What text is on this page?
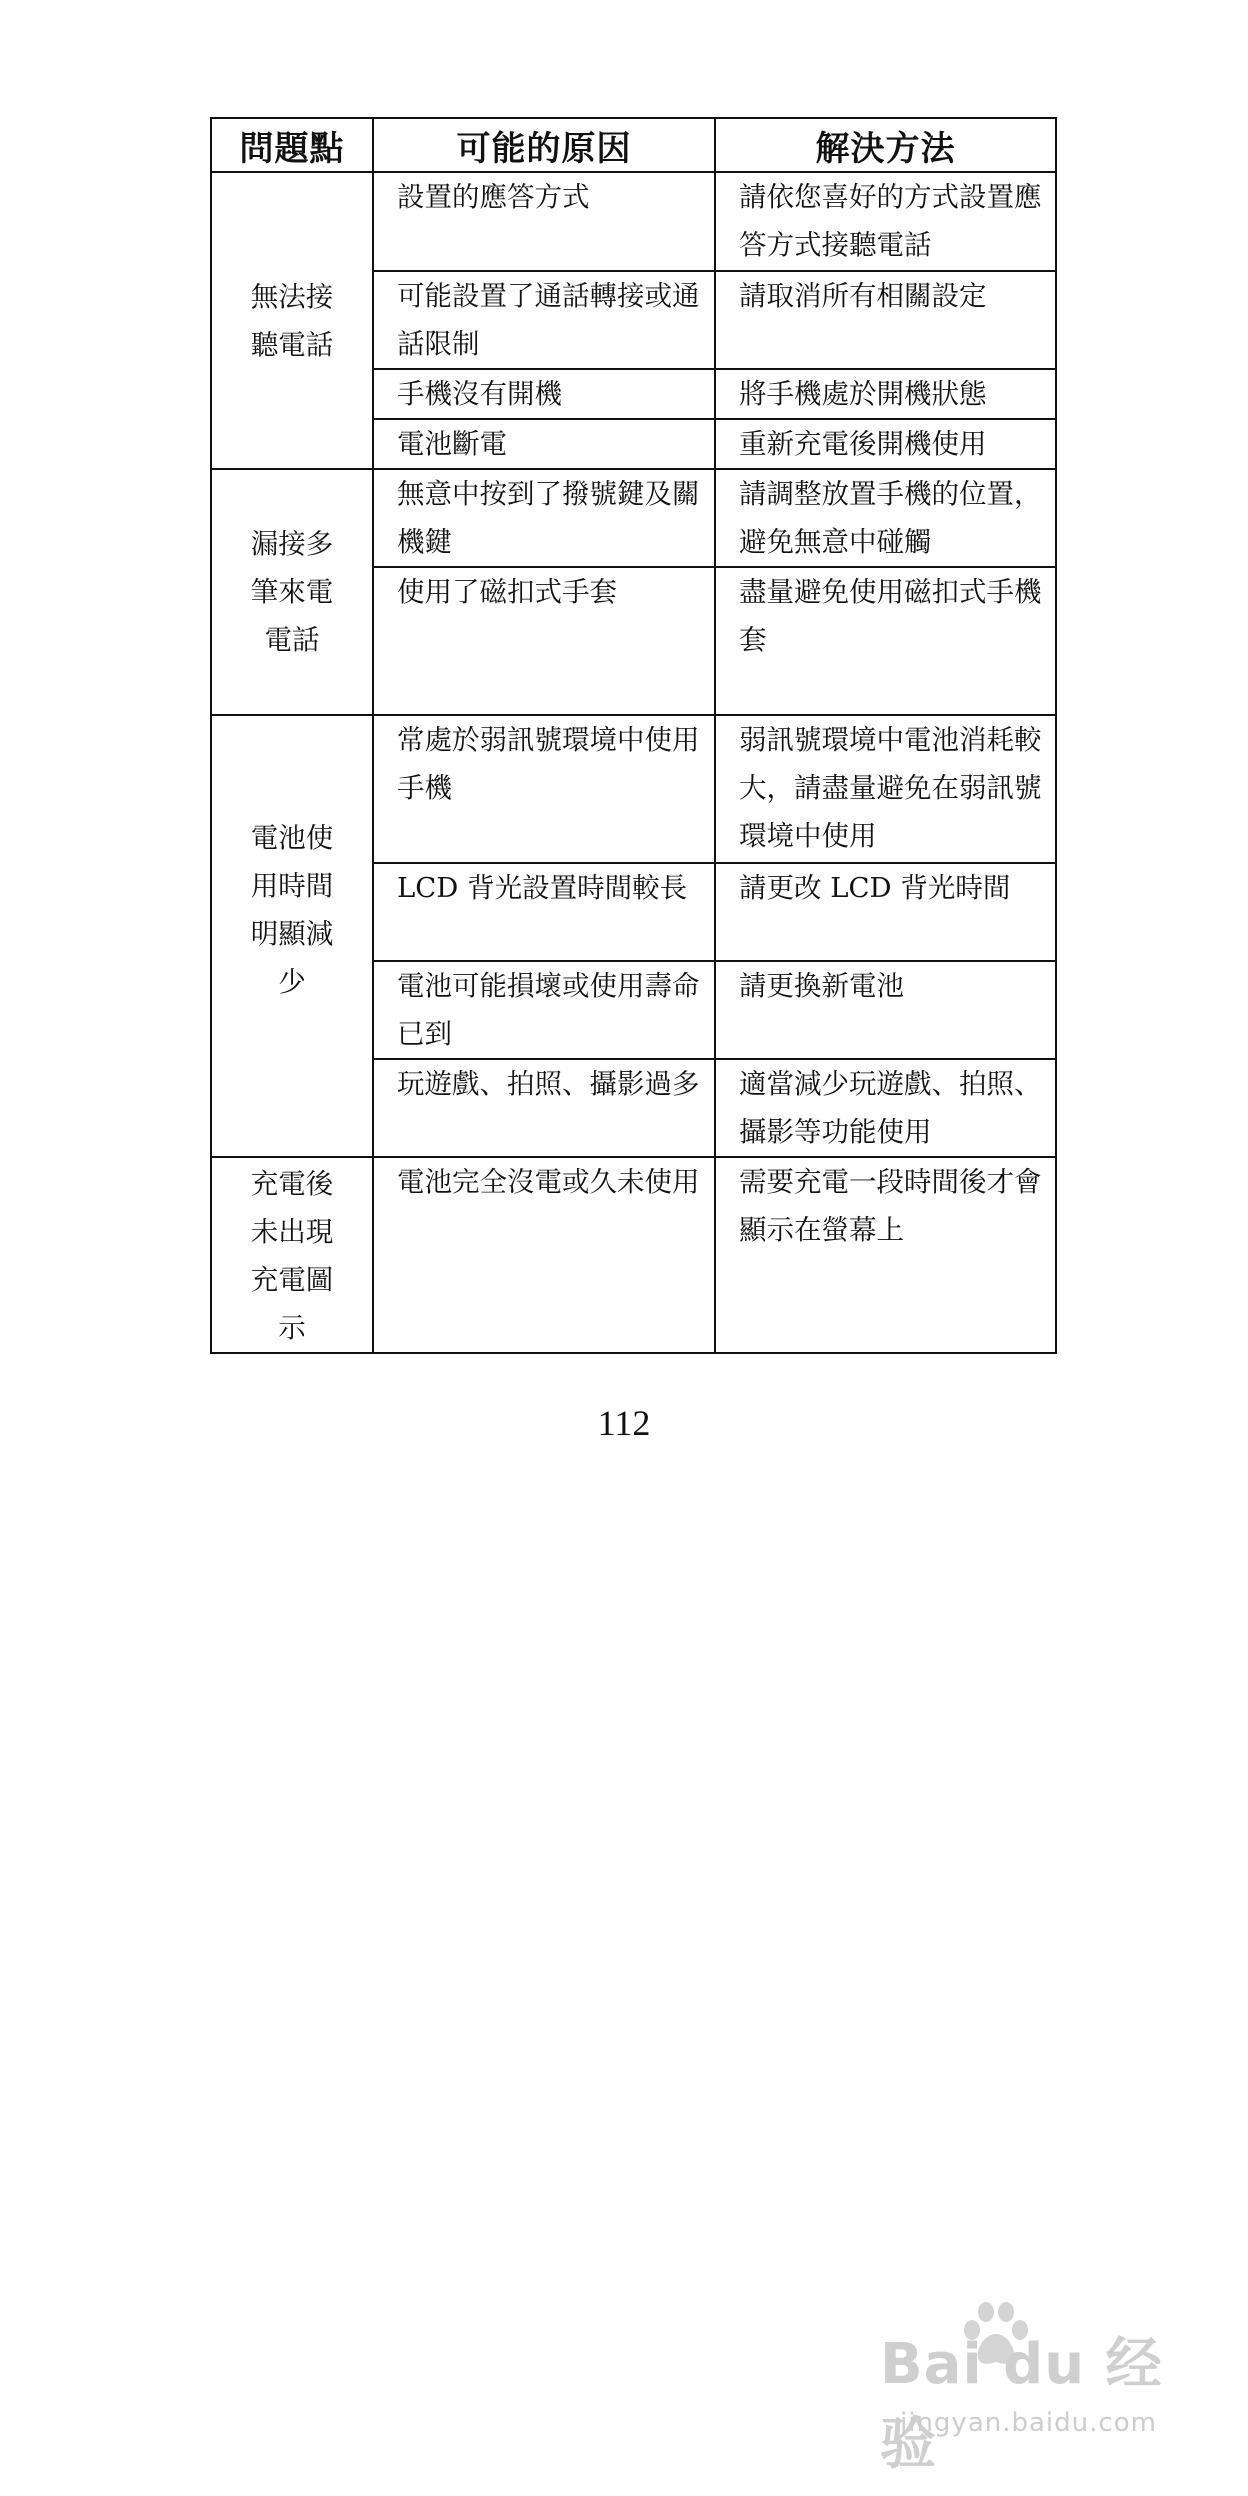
問題點	可能的原因	解決方法
無法接聽電話	設置的應答方式	請依您喜好的方式設置應答方式接聽電話
	可能設置了通話轉接或通話限制	請取消所有相關設定
	手機沒有開機	將手機處於開機狀態
	電池斷電	重新充電後開機使用
漏接多筆來電電話	無意中按到了撥號鍵及關機鍵	請調整放置手機的位置，避免無意中碰觸
	使用了磁扣式手套	盡量避免使用磁扣式手機套
電池使用時間明顯減少	常處於弱訊號環境中使用手機	弱訊號環境中電池消耗較大，請盡量避免在弱訊號環境中使用
	LCD 背光設置時間較長	請更改 LCD 背光時間
	電池可能損壞或使用壽命已到	請更換新電池
	玩遊戲、拍照、攝影過多	適當減少玩遊戲、拍照、攝影等功能使用
充電後未出現充電圖示	電池完全沒電或久未使用	需要充電一段時間後才會顯示在螢幕上
112
Bai du 经验
jingyan.baidu.com
